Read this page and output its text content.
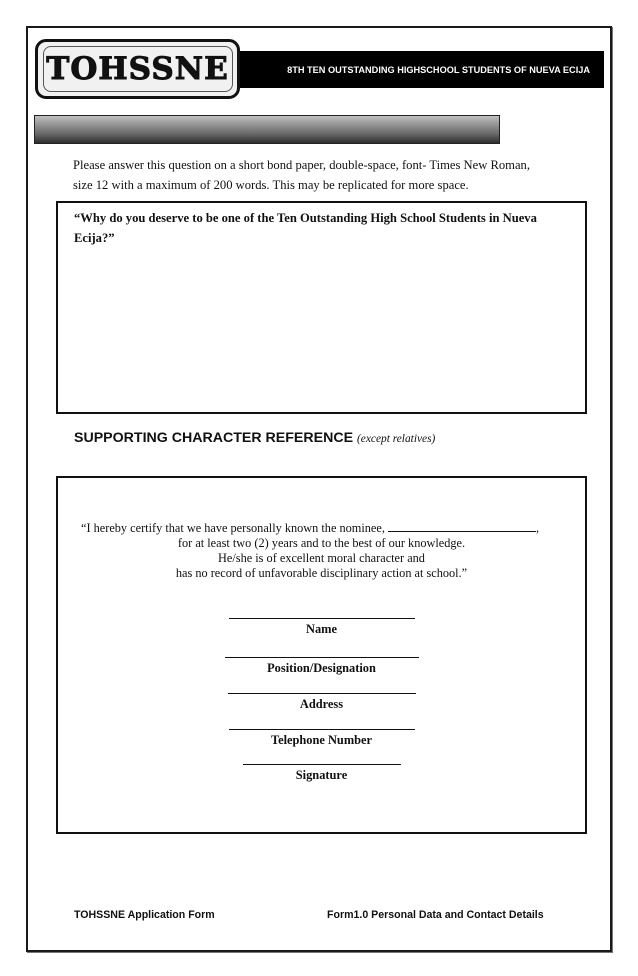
8TH TEN OUTSTANDING HIGHSCHOOL STUDENTS OF NUEVA ECIJA
TOHSSNE
Please answer this question on a short bond paper, double-space, font- Times New Roman,
size 12 with a maximum of 200 words. This may be replicated for more space.
“Why do you deserve to be one of the Ten Outstanding High School Students in Nueva Ecija?”
SUPPORTING CHARACTER REFERENCE (except relatives)
“I hereby certify that we have personally known the nominee,	,
for at least two (2) years and to the best of our knowledge.
He/she is of excellent moral character and
has no record of unfavorable disciplinary action at school.”
Name
Position/Designation
Address
Telephone Number
Signature
TOHSSNE Application Form	Form1.0 Personal Data and Contact Details
